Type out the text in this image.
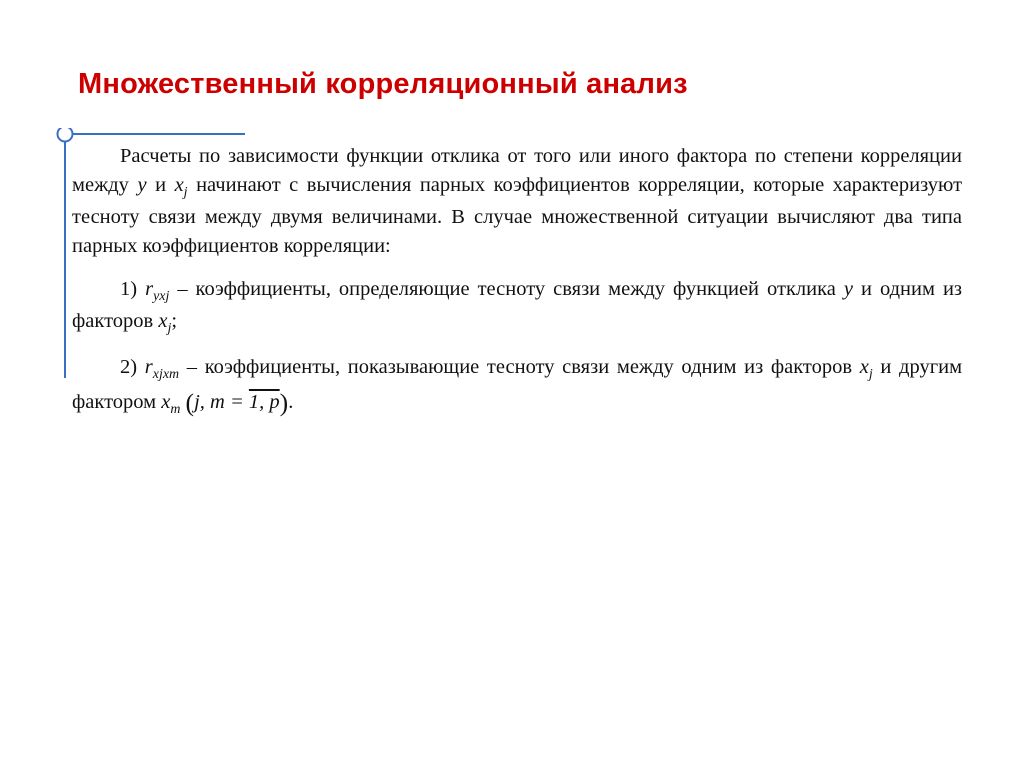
Множественный корреляционный анализ

Расчеты по зависимости функции отклика от того или иного фактора по степени корреляции между y и $x_j$ начинают с вычисления парных коэффициентов корреляции, которые характеризуют тесноту связи между двумя величинами. В случае множественной ситуации вычисляют два типа парных коэффициентов корреляции:

1) $r_{yxj}$ – коэффициенты, определяющие тесноту связи между функцией отклика y и одним из факторов $x_j$;

2) $r_{xjxm}$ – коэффициенты, показывающие тесноту связи между одним из факторов $x_j$ и другим фактором $x_m$ (j, m = 1, p).
